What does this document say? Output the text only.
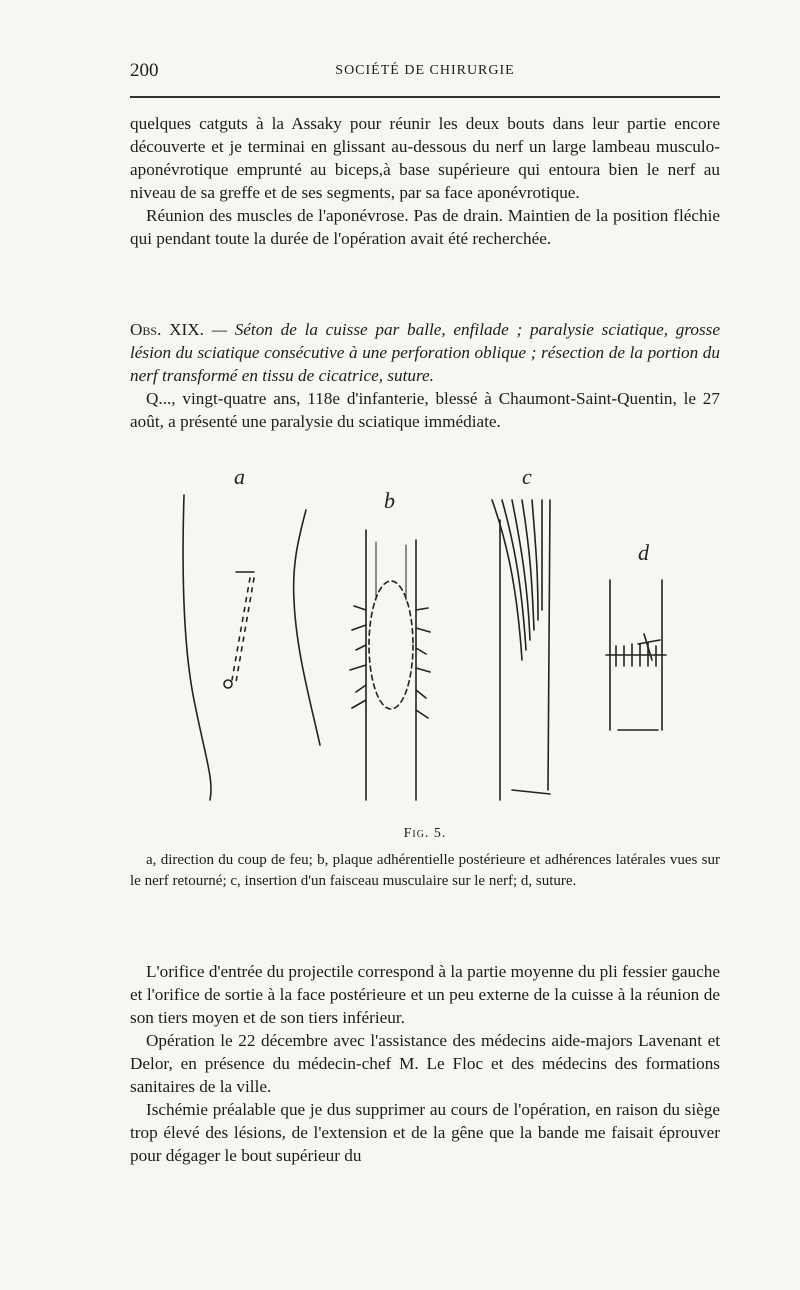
200	SOCIÉTÉ DE CHIRURGIE

quelques catguts à la Assaky pour réunir les deux bouts dans leur partie encore découverte et je terminai en glissant au-dessous du nerf un large lambeau musculo-aponévrotique emprunté au biceps,à base supérieure qui entoura bien le nerf au niveau de sa greffe et de ses segments, par sa face aponévrotique.

Réunion des muscles de l'aponévrose. Pas de drain. Maintien de la position fléchie qui pendant toute la durée de l'opération avait été recherchée.

Obs. XIX. — Séton de la cuisse par balle, enfilade ; paralysie sciatique, grosse lésion du sciatique consécutive à une perforation oblique ; résection de la portion du nerf transformé en tissu de cicatrice, suture.

Q..., vingt-quatre ans, 118e d'infanterie, blessé à Chaumont-Saint-Quentin, le 27 août, a présenté une paralysie du sciatique immédiate.

a
b
c
d
Fig. 5.

a, direction du coup de feu; b, plaque adhérentielle postérieure et adhérences latérales vues sur le nerf retourné; c, insertion d'un faisceau musculaire sur le nerf; d, suture.

L'orifice d'entrée du projectile correspond à la partie moyenne du pli fessier gauche et l'orifice de sortie à la face postérieure et un peu externe de la cuisse à la réunion de son tiers moyen et de son tiers inférieur.

Opération le 22 décembre avec l'assistance des médecins aide-majors Lavenant et Delor, en présence du médecin-chef M. Le Floc et des médecins des formations sanitaires de la ville.

Ischémie préalable que je dus supprimer au cours de l'opération, en raison du siège trop élevé des lésions, de l'extension et de la gêne que la bande me faisait éprouver pour dégager le bout supérieur du
